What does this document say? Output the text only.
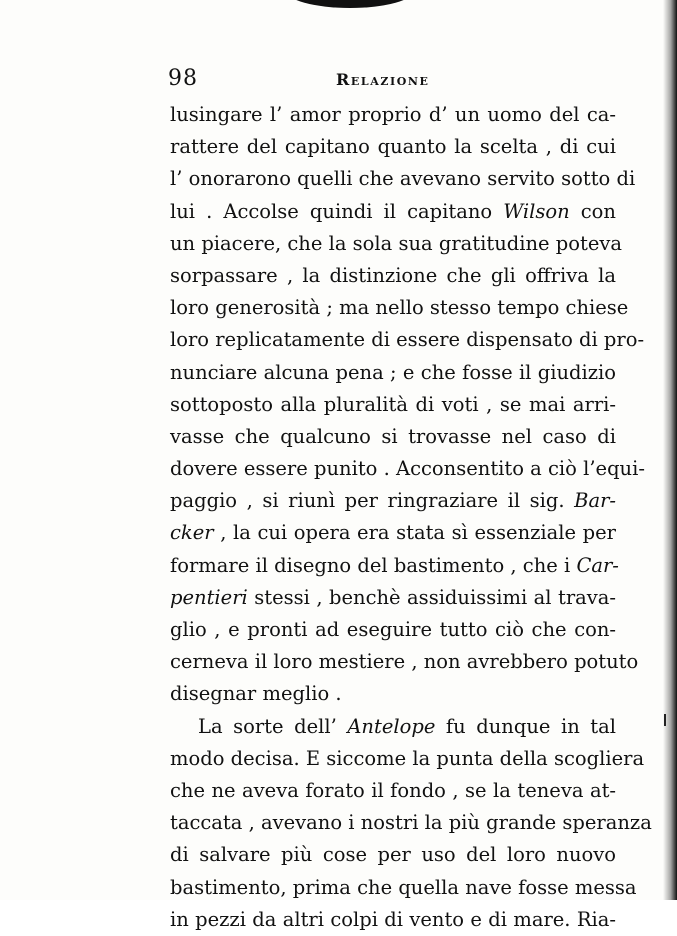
98	Relazione
lusingare l’ amor proprio d’ un uomo del ca-
rattere del capitano quanto la scelta , di cui
l’ onorarono quelli che avevano servito sotto di
lui . Accolse quindi il capitano Wilson con
un piacere, che la sola sua gratitudine poteva
sorpassare , la distinzione che gli offriva la
loro generosità ; ma nello stesso tempo chiese
loro replicatamente di essere dispensato di pro-
nunciare alcuna pena ; e che fosse il giudizio
sottoposto alla pluralità di voti , se mai arri-
vasse che qualcuno si trovasse nel caso di
dovere essere punito . Acconsentito a ciò l’equi-
paggio , si riunì per ringraziare il sig. Bar-
cker , la cui opera era stata sì essenziale per
formare il disegno del bastimento , che i Car-
pentieri stessi , benchè assiduissimi al trava-
glio , e pronti ad eseguire tutto ciò che con-
cerneva il loro mestiere , non avrebbero potuto
disegnar meglio .
La sorte dell’ Antelope fu dunque in tal
modo decisa. E siccome la punta della scogliera
che ne aveva forato il fondo , se la teneva at-
taccata , avevano i nostri la più grande speranza
di salvare più cose per uso del loro nuovo
bastimento, prima che quella nave fosse messa
in pezzi da altri colpi di vento e di mare. Ria-
